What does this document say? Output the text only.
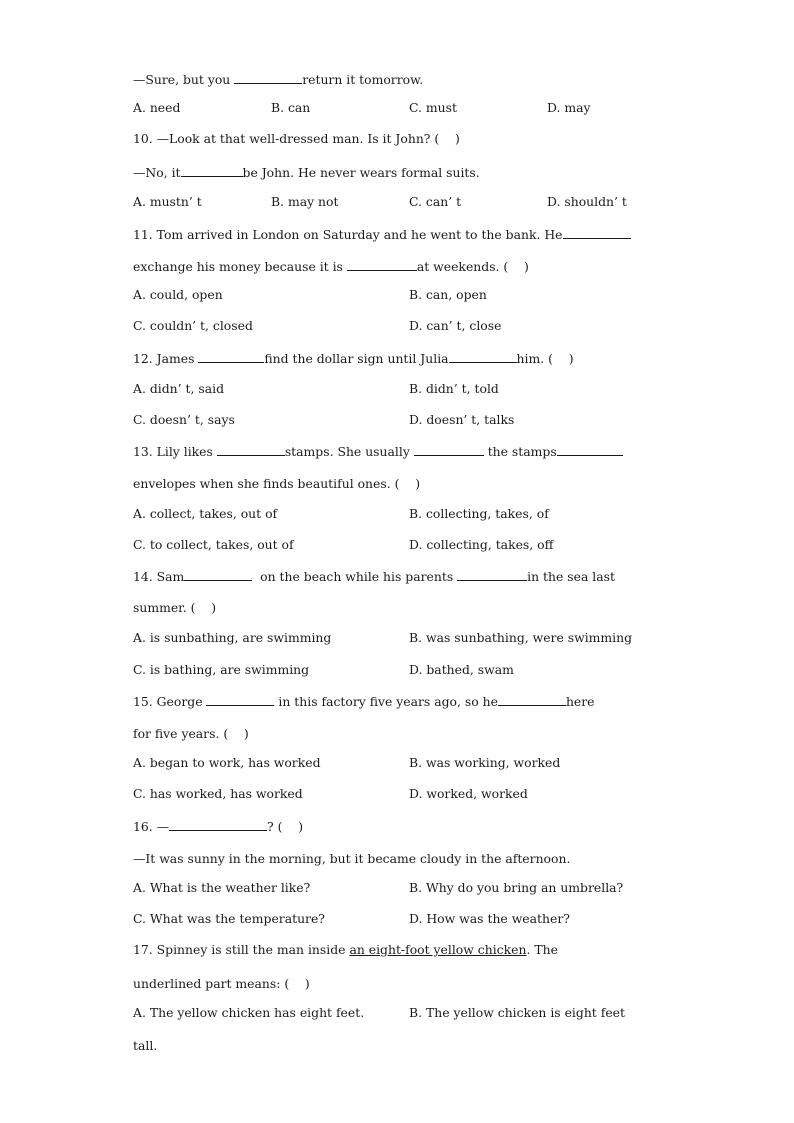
—Sure, but you	return it tomorrow.
A. need	B. can	C. must	D. may
10. —Look at that well-dressed man. Is it John? (    )
—No, it	be John. He never wears formal suits.
A. mustn’ t	B. may not	C. can’ t	D. shouldn’ t
11. Tom arrived in London on Saturday and he went to the bank. He
exchange his money because it is	at weekends. (    )
A. could, open	B. can, open
C. couldn’ t, closed	D. can’ t, close
12. James	find the dollar sign until Julia	him. (    )
A. didn’ t, said	B. didn’ t, told
C. doesn’ t, says	D. doesn’ t, talks
13. Lily likes	stamps. She usually	the stamps
envelopes when she finds beautiful ones. (    )
A. collect, takes, out of	B. collecting, takes, of
C. to collect, takes, out of	D. collecting, takes, off
14. Sam	on the beach while his parents	in the sea last
summer. (    )
A. is sunbathing, are swimming	B. was sunbathing, were swimming
C. is bathing, are swimming	D. bathed, swam
15. George	in this factory five years ago, so he	here
for five years. (    )
A. began to work, has worked	B. was working, worked
C. has worked, has worked	D. worked, worked
16. —	? (    )
—It was sunny in the morning, but it became cloudy in the afternoon.
A. What is the weather like?	B. Why do you bring an umbrella?
C. What was the temperature?	D. How was the weather?
17. Spinney is still the man inside an eight-foot yellow chicken. The
underlined part means: (    )
A. The yellow chicken has eight feet.	B. The yellow chicken is eight feet
tall.
